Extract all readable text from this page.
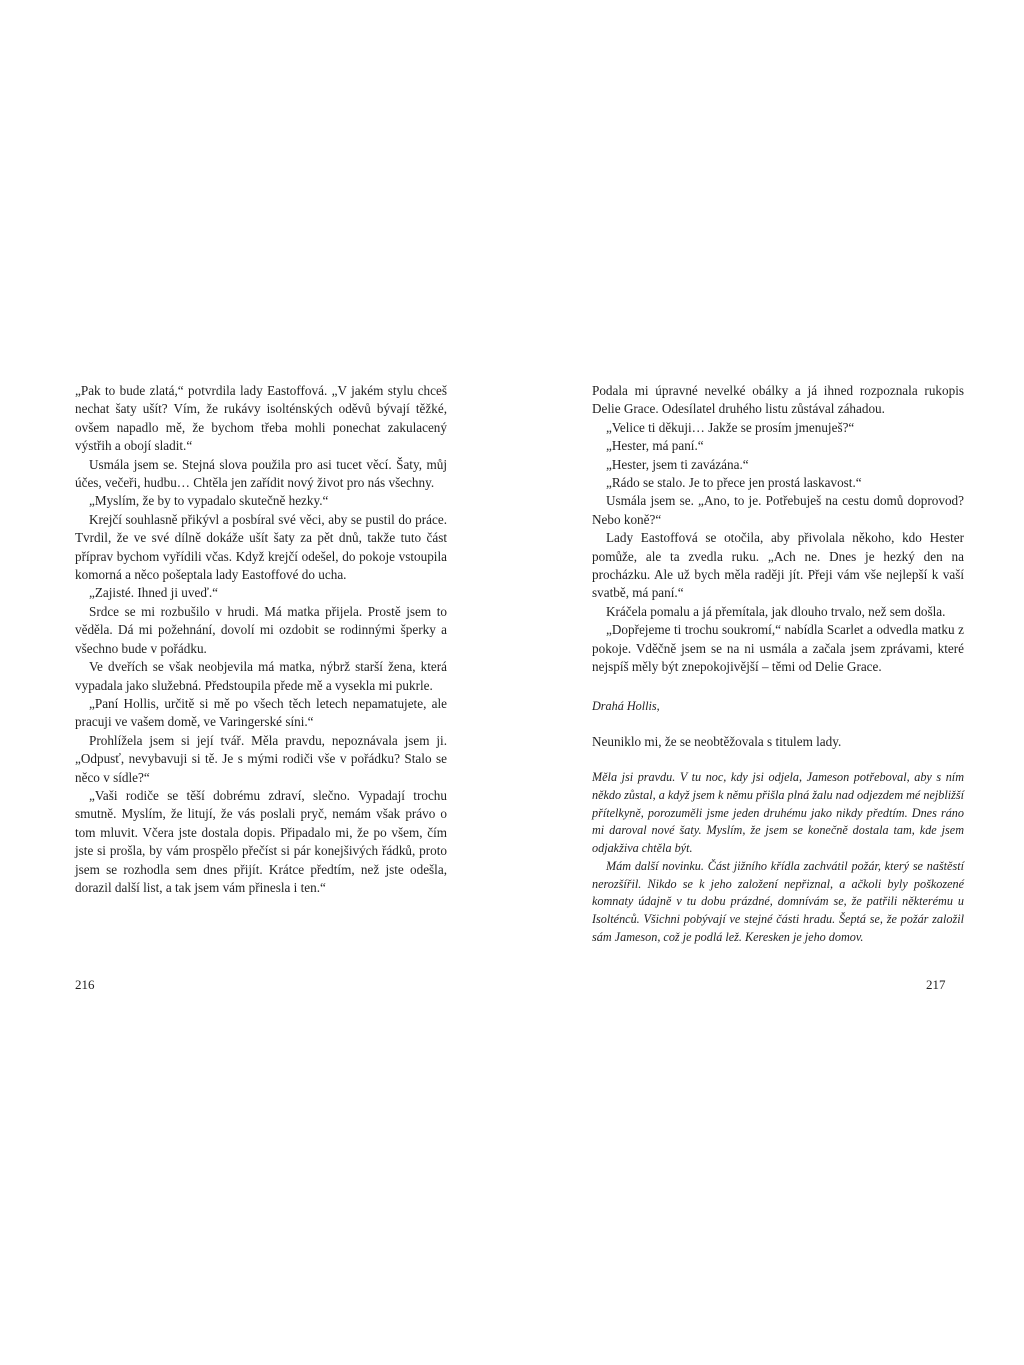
„Pak to bude zlatá,“ potvrdila lady Eastoffová. „V jakém stylu chceš nechat šaty ušít? Vím, že rukávy isolténských oděvů bývají těžké, ovšem napadlo mě, že bychom třeba mohli ponechat zakulacený výstřih a obojí sladit.“

Usmála jsem se. Stejná slova použila pro asi tucet věcí. Šaty, můj účes, večeři, hudbu… Chtěla jen zařídit nový život pro nás všechny.

„Myslím, že by to vypadalo skutečně hezky.“

Krejčí souhlasně přikývl a posbíral své věci, aby se pustil do práce. Tvrdil, že ve své dílně dokáže ušít šaty za pět dnů, takže tuto část příprav bychom vyřídili včas. Když krejčí odešel, do pokoje vstoupila komorná a něco pošeptala lady Eastoffové do ucha.

„Zajisté. Ihned ji uveď.“

Srdce se mi rozbušilo v hrudi. Má matka přijela. Prostě jsem to věděla. Dá mi požehnání, dovolí mi ozdobit se rodinnými šperky a všechno bude v pořádku.

Ve dveřích se však neobjevila má matka, nýbrž starší žena, která vypadala jako služebná. Předstoupila přede mě a vysekla mi pukrle.

„Paní Hollis, určitě si mě po všech těch letech nepamatujete, ale pracuji ve vašem domě, ve Varingerské síni.“

Prohlížela jsem si její tvář. Měla pravdu, nepoznávala jsem ji. „Odpusť, nevybavuji si tě. Je s mými rodiči vše v pořádku? Stalo se něco v sídle?“

„Vaši rodiče se těší dobrému zdraví, slečno. Vypadají trochu smutně. Myslím, že litují, že vás poslali pryč, nemám však právo o tom mluvit. Včera jste dostala dopis. Připadalo mi, že po všem, čím jste si prošla, by vám prospělo přečíst si pár konejšivých řádků, proto jsem se rozhodla sem dnes přijít. Krátce předtím, než jste odešla, dorazil další list, a tak jsem vám přinesla i ten.“

216

Podala mi úpravné nevelké obálky a já ihned rozpoznala rukopis Delie Grace. Odesílatel druhého listu zůstával záhadou.

„Velice ti děkuji… Jakže se prosím jmenuješ?“

„Hester, má paní.“

„Hester, jsem ti zavázána.“

„Rádo se stalo. Je to přece jen prostá laskavost.“

Usmála jsem se. „Ano, to je. Potřebuješ na cestu domů doprovod? Nebo koně?“

Lady Eastoffová se otočila, aby přivolala někoho, kdo Hester pomůže, ale ta zvedla ruku. „Ach ne. Dnes je hezký den na procházku. Ale už bych měla raději jít. Přeji vám vše nejlepší k vaší svatbě, má paní.“

Kráčela pomalu a já přemítala, jak dlouho trvalo, než sem došla.

„Dopřejeme ti trochu soukromí,“ nabídla Scarlet a odvedla matku z pokoje. Vděčně jsem se na ni usmála a začala jsem zprávami, které nejspíš měly být znepokojivější – těmi od Delie Grace.

Drahá Hollis,

Neuniklo mi, že se neobtěžovala s titulem lady.

Měla jsi pravdu. V tu noc, kdy jsi odjela, Jameson potřeboval, aby s ním někdo zůstal, a když jsem k němu přišla plná žalu nad odjezdem mé nejbližší přítelkyně, porozuměli jsme jeden druhému jako nikdy předtím. Dnes ráno mi daroval nové šaty. Myslím, že jsem se konečně dostala tam, kde jsem odjakživa chtěla být.

Mám další novinku. Část jižního křídla zachvátil požár, který se naštěstí nerozšířil. Nikdo se k jeho založení nepřiznal, a ačkoli byly poškozené komnaty údajně v tu dobu prázdné, domnívám se, že patřili některému u Isolténců. Všichni pobývají ve stejné části hradu. Šeptá se, že požár založil sám Jameson, což je podlá lež. Keresken je jeho domov.

217
